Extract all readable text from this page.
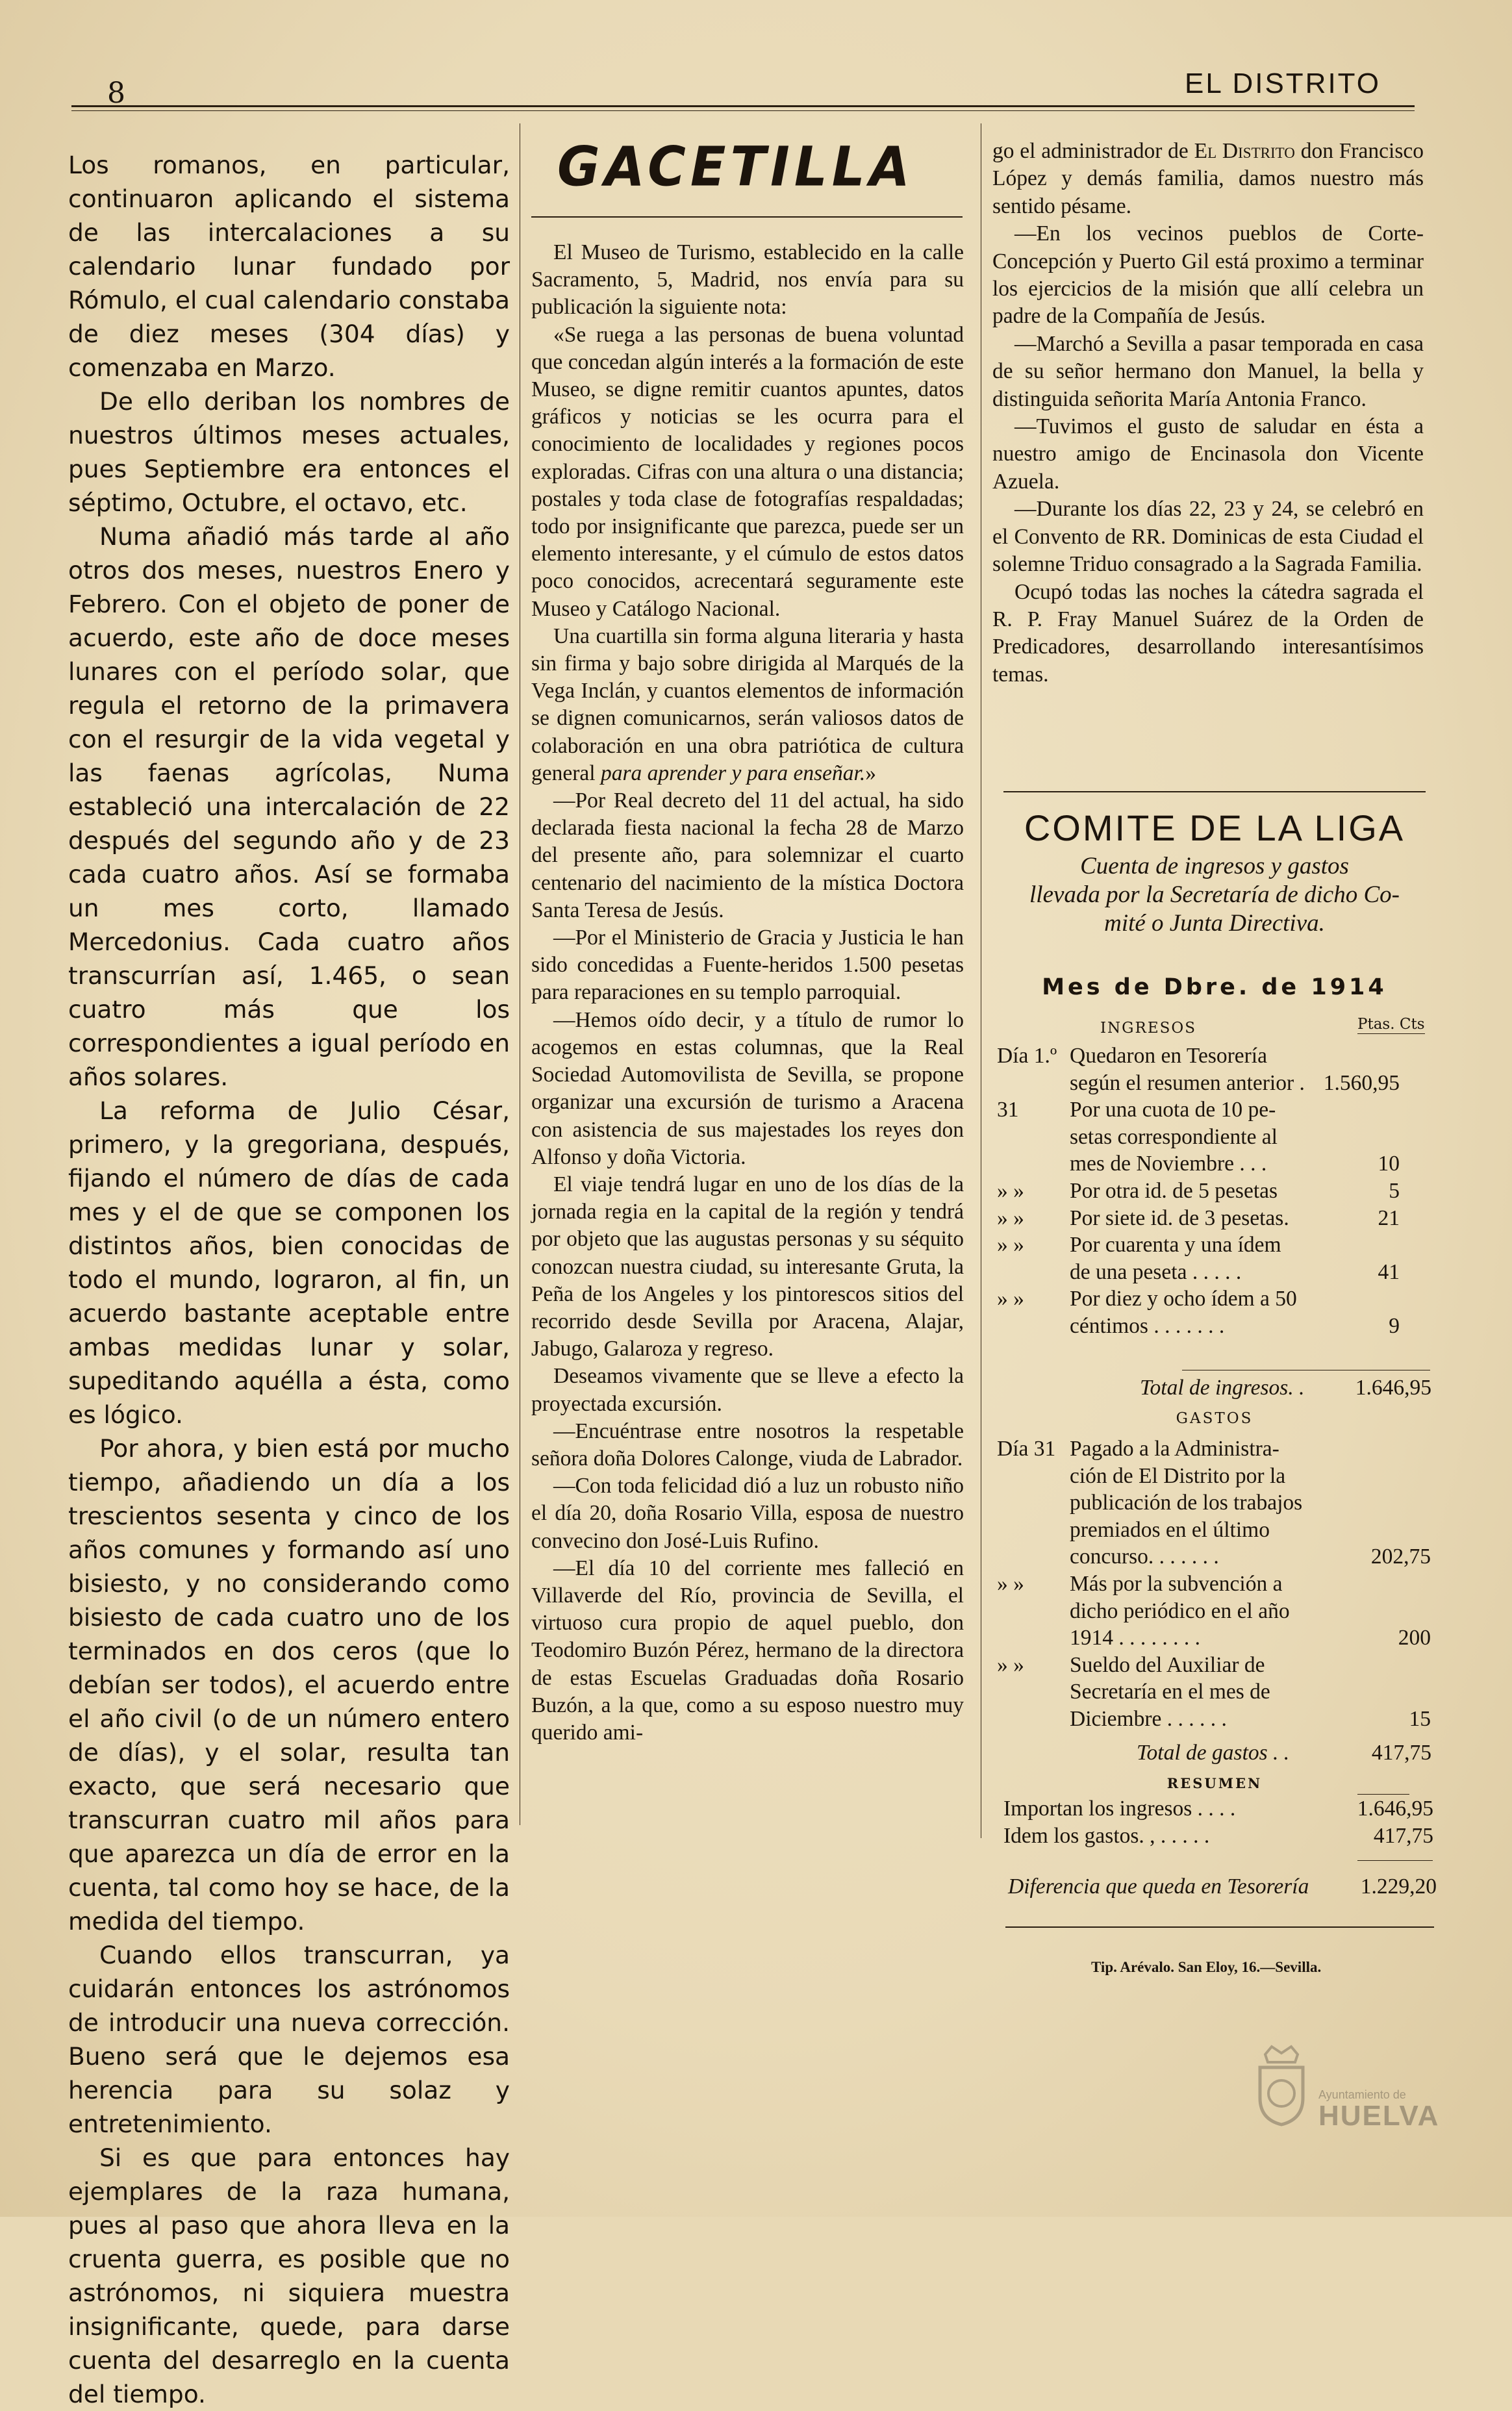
8	EL DISTRITO

Los romanos, en particular, continuaron aplicando el sistema de las intercalaciones a su calendario lunar fundado por Rómulo, el cual calendario constaba de diez meses (304 días) y comenzaba en Marzo.

De ello deriban los nombres de nuestros últimos meses actuales, pues Septiembre era entonces el séptimo, Octubre, el octavo, etc.

Numa añadió más tarde al año otros dos meses, nuestros Enero y Febrero. Con el objeto de poner de acuerdo, este año de doce meses lunares con el período solar, que regula el retorno de la primavera con el resurgir de la vida vegetal y las faenas agrícolas, Numa estableció una intercalación de 22 después del segundo año y de 23 cada cuatro años. Así se formaba un mes corto, llamado Mercedonius. Cada cuatro años transcurrían así, 1.465, o sean cuatro más que los correspondientes a igual período en años solares.

La reforma de Julio César, primero, y la gregoriana, después, fijando el número de días de cada mes y el de que se componen los distintos años, bien conocidas de todo el mundo, lograron, al fin, un acuerdo bastante aceptable entre ambas medidas lunar y solar, supeditando aquélla a ésta, como es lógico.

Por ahora, y bien está por mucho tiempo, añadiendo un día a los trescientos sesenta y cinco de los años comunes y formando así uno bisiesto, y no considerando como bisiesto de cada cuatro uno de los terminados en dos ceros (que lo debían ser todos), el acuerdo entre el año civil (o de un número entero de días), y el solar, resulta tan exacto, que será necesario que transcurran cuatro mil años para que aparezca un día de error en la cuenta, tal como hoy se hace, de la medida del tiempo.

Cuando ellos transcurran, ya cuidarán entonces los astrónomos de introducir una nueva corrección. Bueno será que le dejemos esa herencia para su solaz y entretenimiento.

Si es que para entonces hay ejemplares de la raza humana, pues al paso que ahora lleva en la cruenta guerra, es posible que no astrónomos, ni siquiera muestra insignificante, quede, para darse cuenta del desarreglo en la cuenta del tiempo.

GACETILLA

El Museo de Turismo, establecido en la calle Sacramento, 5, Madrid, nos envía para su publicación la siguiente nota:

«Se ruega a las personas de buena voluntad que concedan algún interés a la formación de este Museo, se digne remitir cuantos apuntes, datos gráficos y noticias se les ocurra para el conocimiento de localidades y regiones pocos exploradas. Cifras con una altura o una distancia; postales y toda clase de fotografías respaldadas; todo por insignificante que parezca, puede ser un elemento interesante, y el cúmulo de estos datos poco conocidos, acrecentará seguramente este Museo y Catálogo Nacional.

Una cuartilla sin forma alguna literaria y hasta sin firma y bajo sobre dirigida al Marqués de la Vega Inclán, y cuantos elementos de información se dignen comunicarnos, serán valiosos datos de colaboración en una obra patriótica de cultura general para aprender y para enseñar.»

—Por Real decreto del 11 del actual, ha sido declarada fiesta nacional la fecha 28 de Marzo del presente año, para solemnizar el cuarto centenario del nacimiento de la mística Doctora Santa Teresa de Jesús.

—Por el Ministerio de Gracia y Justicia le han sido concedidas a Fuente-heridos 1.500 pesetas para reparaciones en su templo parroquial.

—Hemos oído decir, y a título de rumor lo acogemos en estas columnas, que la Real Sociedad Automovilista de Sevilla, se propone organizar una excursión de turismo a Aracena con asistencia de sus majestades los reyes don Alfonso y doña Victoria.

El viaje tendrá lugar en uno de los días de la jornada regia en la capital de la región y tendrá por objeto que las augustas personas y su séquito conozcan nuestra ciudad, su interesante Gruta, la Peña de los Angeles y los pintorescos sitios del recorrido desde Sevilla por Aracena, Alajar, Jabugo, Galaroza y regreso.

Deseamos vivamente que se lleve a efecto la proyectada excursión.

—Encuéntrase entre nosotros la respetable señora doña Dolores Calonge, viuda de Labrador.

—Con toda felicidad dió a luz un robusto niño el día 20, doña Rosario Villa, esposa de nuestro convecino don José-Luis Rufino.

—El día 10 del corriente mes falleció en Villaverde del Río, provincia de Sevilla, el virtuoso cura propio de aquel pueblo, don Teodomiro Buzón Pérez, hermano de la directora de estas Escuelas Graduadas doña Rosario Buzón, a la que, como a su esposo nuestro muy querido ami-

go el administrador de El Distrito don Francisco López y demás familia, damos nuestro más sentido pésame.

—En los vecinos pueblos de Corte-Concepción y Puerto Gil está proximo a terminar los ejercicios de la misión que allí celebra un padre de la Compañía de Jesús.

—Marchó a Sevilla a pasar temporada en casa de su señor hermano don Manuel, la bella y distinguida señorita María Antonia Franco.

—Tuvimos el gusto de saludar en ésta a nuestro amigo de Encinasola don Vicente Azuela.

—Durante los días 22, 23 y 24, se celebró en el Convento de RR. Dominicas de esta Ciudad el solemne Triduo consagrado a la Sagrada Familia.

Ocupó todas las noches la cátedra sagrada el R. P. Fray Manuel Suárez de la Orden de Predicadores, desarrollando interesantísimos temas.

COMITE DE LA LIGA
Cuenta de ingresos y gastos
llevada por la Secretaría de dicho Co-
mité o Junta Directiva.
Mes de Dbre. de 1914
INGRESOS	Ptas. Cts
Día 1.º Quedaron en Tesorería
según el resumen anterior . 1.560,95
31 Por una cuota de 10 pe-
setas correspondiente al
mes de Noviembre . . .	10
» » Por otra id. de 5 pesetas	5
» » Por siete id. de 3 pesetas.	21
» » Por cuarenta y una ídem
de una peseta . . . . .	41
» » Por diez y ocho ídem a 50
céntimos . . . . . . .	9
Total de ingresos. .	1.646,95
GASTOS
Día 31 Pagado a la Administra-
ción de El Distrito por la
publicación de los trabajos
premiados en el último
concurso. . . . . . .	202,75
» » Más por la subvención a
dicho periódico en el año
1914 . . . . . . . .	200
» » Sueldo del Auxiliar de
Secretaría en el mes de
Diciembre . . . . . .	15
Total de gastos . .	417,75
RESUMEN
Importan los ingresos . . . .	1.646,95
Idem los gastos. , . . . . .	417,75
Diferencia que queda en Tesorería 1.229,20
Tip. Arévalo. San Eloy, 16.—Sevilla.
Ayuntamiento de
HUELVA
